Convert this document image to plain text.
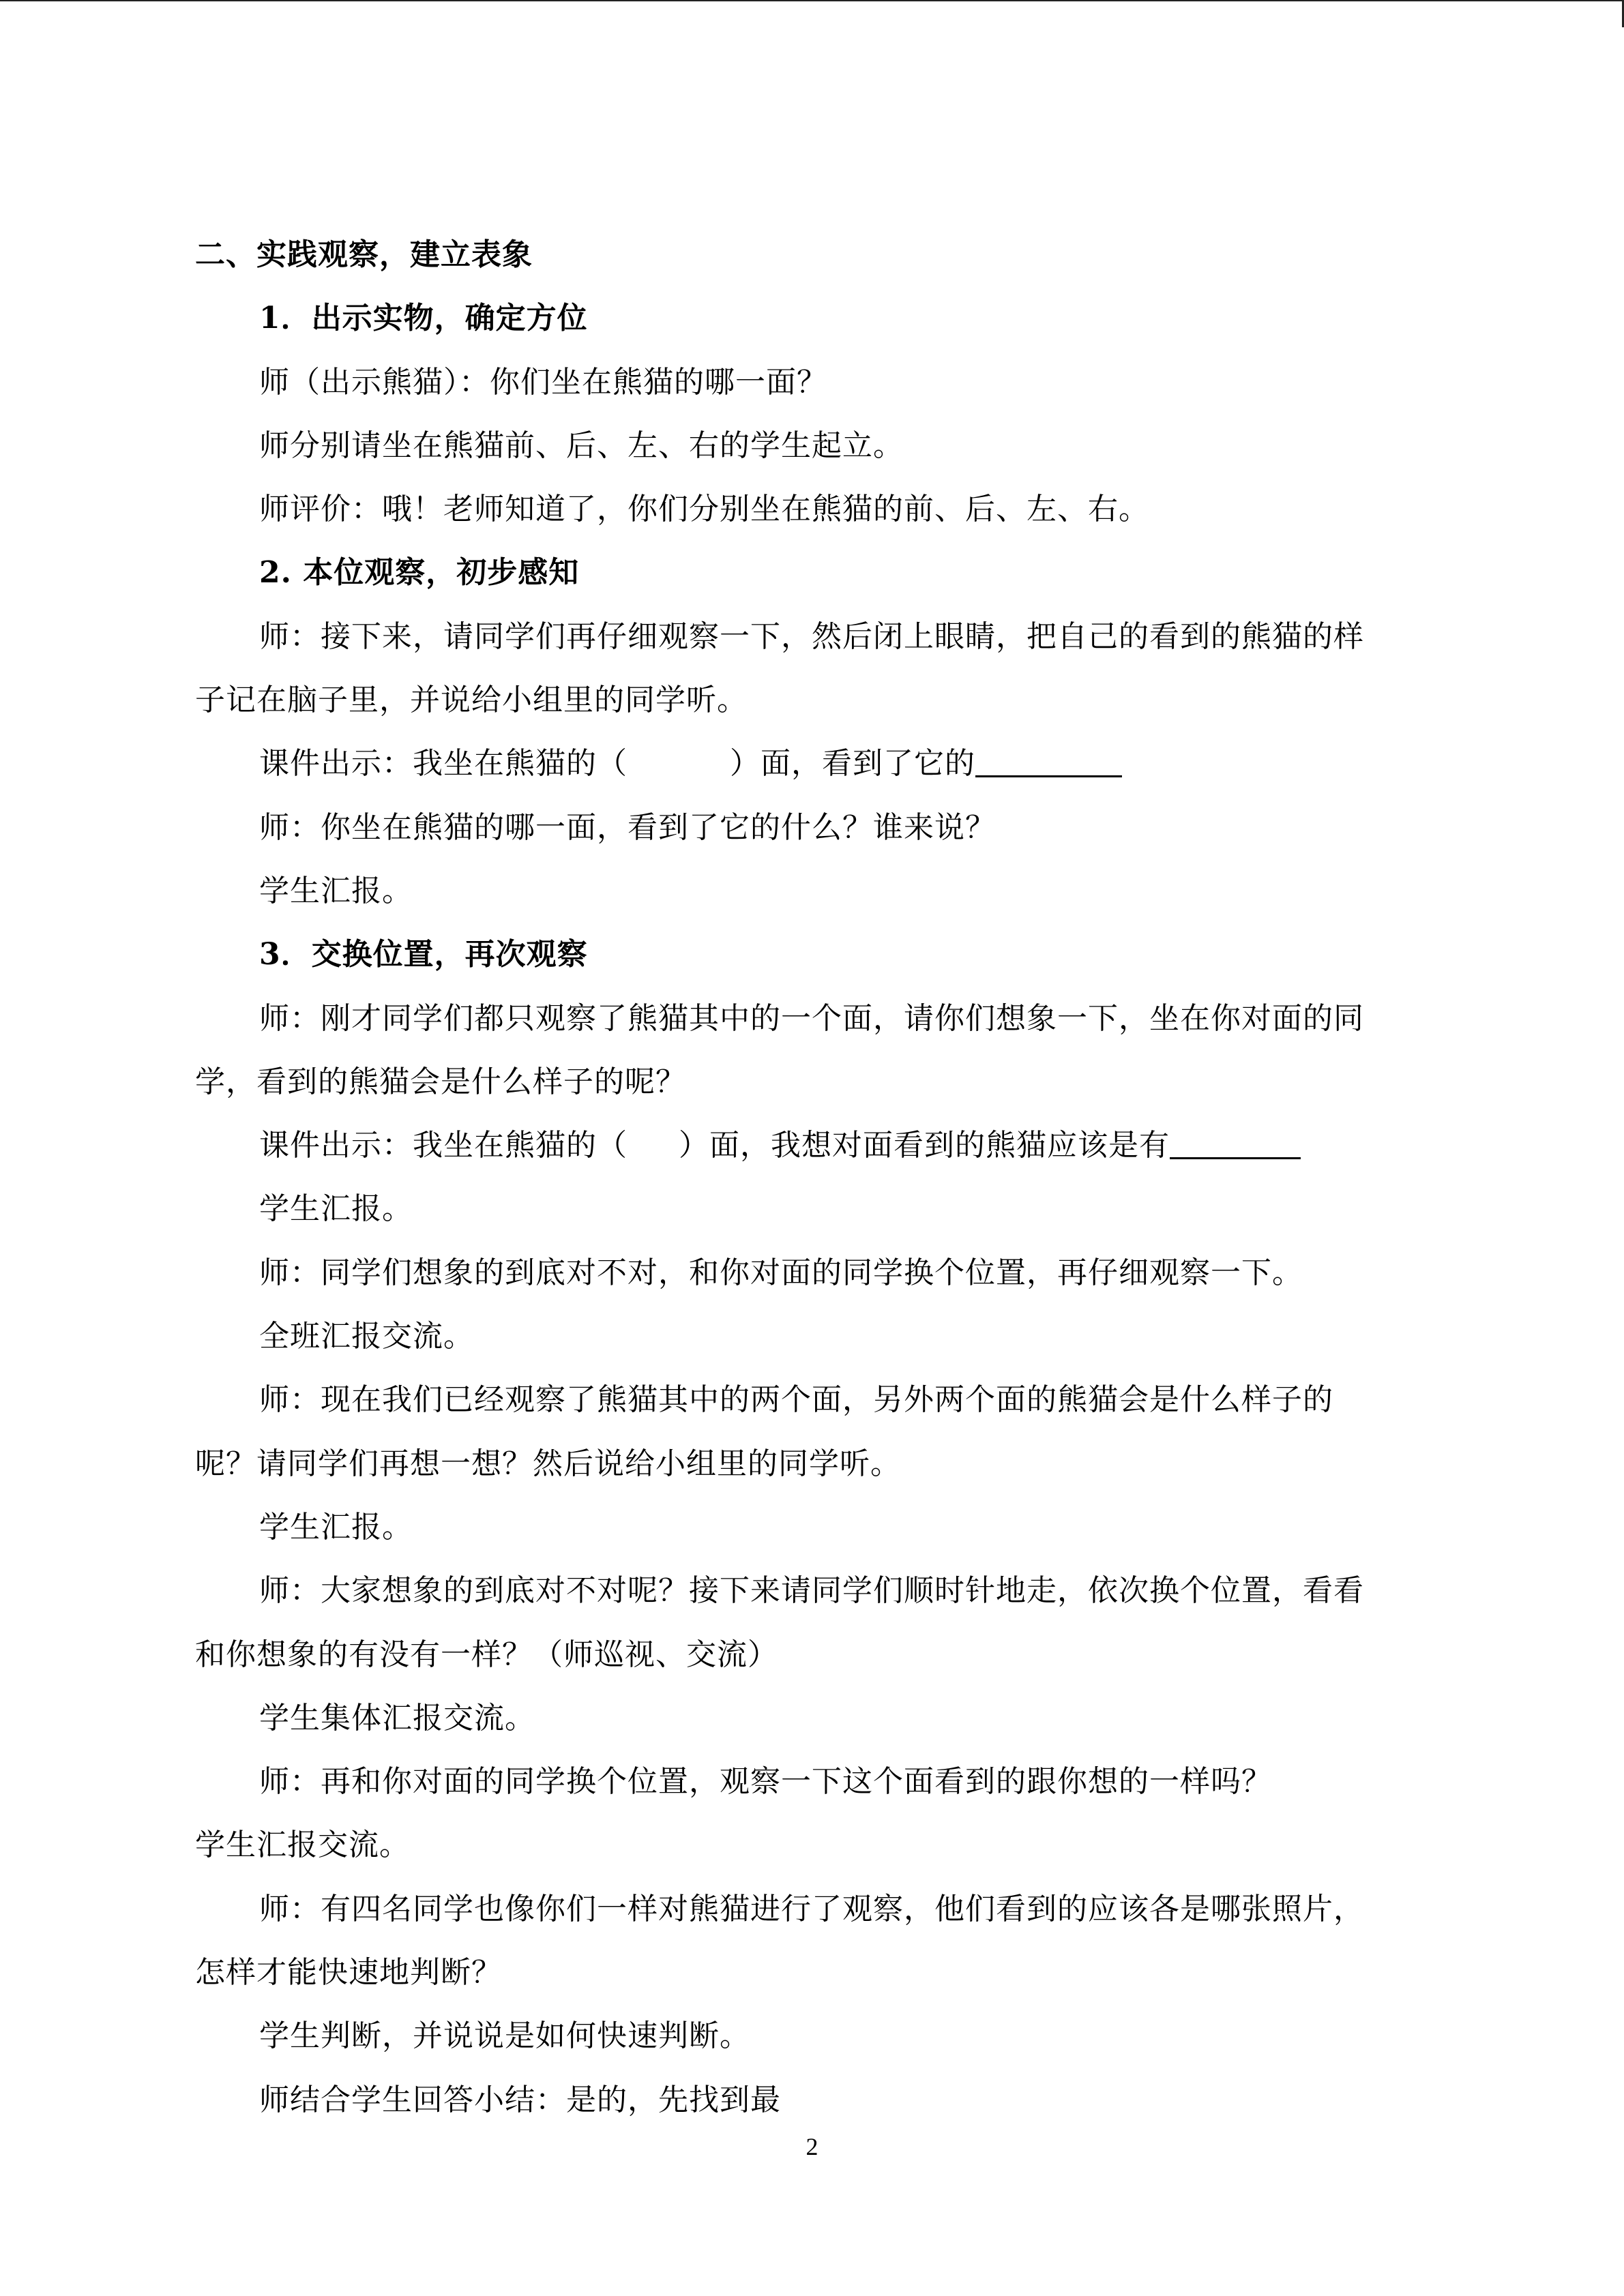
二、实践观察，建立表象
1．出示实物，确定方位
师（出示熊猫）：你们坐在熊猫的哪一面？
师分别请坐在熊猫前、后、左、右的学生起立。
师评价：哦！老师知道了，你们分别坐在熊猫的前、后、左、右。
2. 本位观察，初步感知
师：接下来，请同学们再仔细观察一下，然后闭上眼睛，把自己的看到的熊猫的样
子记在脑子里，并说给小组里的同学听。
课件出示：我坐在熊猫的（	）面，看到了它的
师：你坐在熊猫的哪一面，看到了它的什么？谁来说？
学生汇报。
3．交换位置，再次观察
师：刚才同学们都只观察了熊猫其中的一个面，请你们想象一下，坐在你对面的同
学，看到的熊猫会是什么样子的呢？
课件出示：我坐在熊猫的（ ）面，我想对面看到的熊猫应该是有
学生汇报。
师：同学们想象的到底对不对，和你对面的同学换个位置，再仔细观察一下。
全班汇报交流。
师：现在我们已经观察了熊猫其中的两个面，另外两个面的熊猫会是什么样子的
呢？请同学们再想一想？然后说给小组里的同学听。
学生汇报。
师：大家想象的到底对不对呢？接下来请同学们顺时针地走，依次换个位置，看看
和你想象的有没有一样？（师巡视、交流）
学生集体汇报交流。
师：再和你对面的同学换个位置，观察一下这个面看到的跟你想的一样吗？
学生汇报交流。
师：有四名同学也像你们一样对熊猫进行了观察，他们看到的应该各是哪张照片，
怎样才能快速地判断？
学生判断，并说说是如何快速判断。
师结合学生回答小结：是的，先找到最
2
